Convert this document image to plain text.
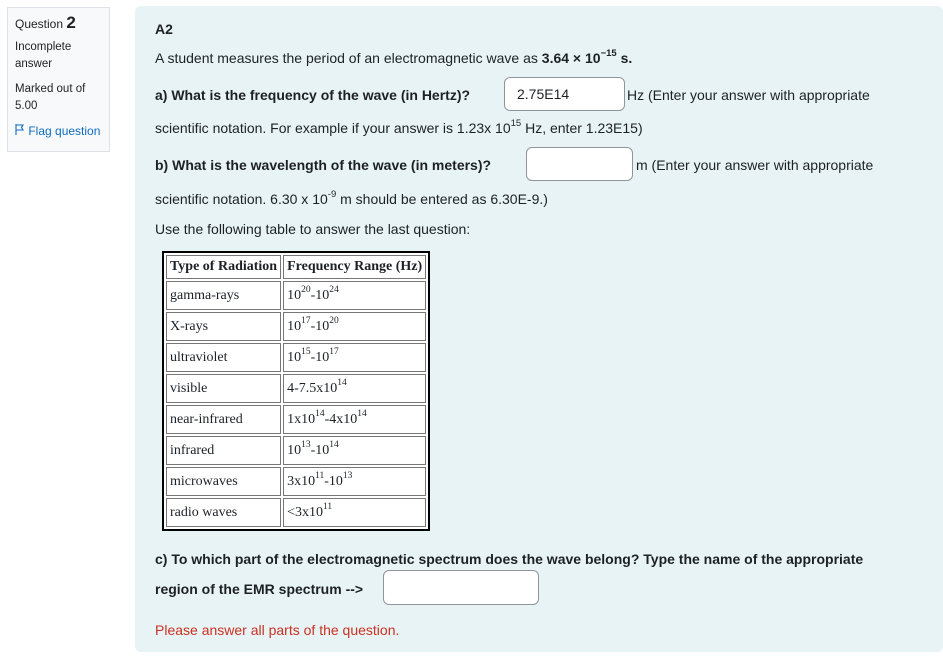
Question 2
Incomplete answer
Marked out of 5.00
Flag question
A2
A student measures the period of an electromagnetic wave as $3.64 \times 10^{-15}$ s.
a) What is the frequency of the wave (in Hertz)?
2.75E14	Hz (Enter your answer with appropriate
scientific notation. For example if your answer is 1.23x $10^{15}$ Hz, enter 1.23E15)
b) What is the wavelength of the wave (in meters)?	m (Enter your answer with appropriate
scientific notation. 6.30 x $10^{-9}$ m should be entered as 6.30E-9.)
Use the following table to answer the last question:
Type of Radiation	Frequency Range (Hz)
gamma-rays	$10^{20}-10^{24}$
X-rays	$10^{17}-10^{20}$
ultraviolet	$10^{15}-10^{17}$
visible	$4-7.5x10^{14}$
near-infrared	$1x10^{14}-4x10^{14}$
infrared	$10^{13}-10^{14}$
microwaves	$3x10^{11}-10^{13}$
radio waves	$<3x10^{11}$
c) To which part of the electromagnetic spectrum does the wave belong? Type the name of the appropriate
region of the EMR spectrum -->
Please answer all parts of the question.
